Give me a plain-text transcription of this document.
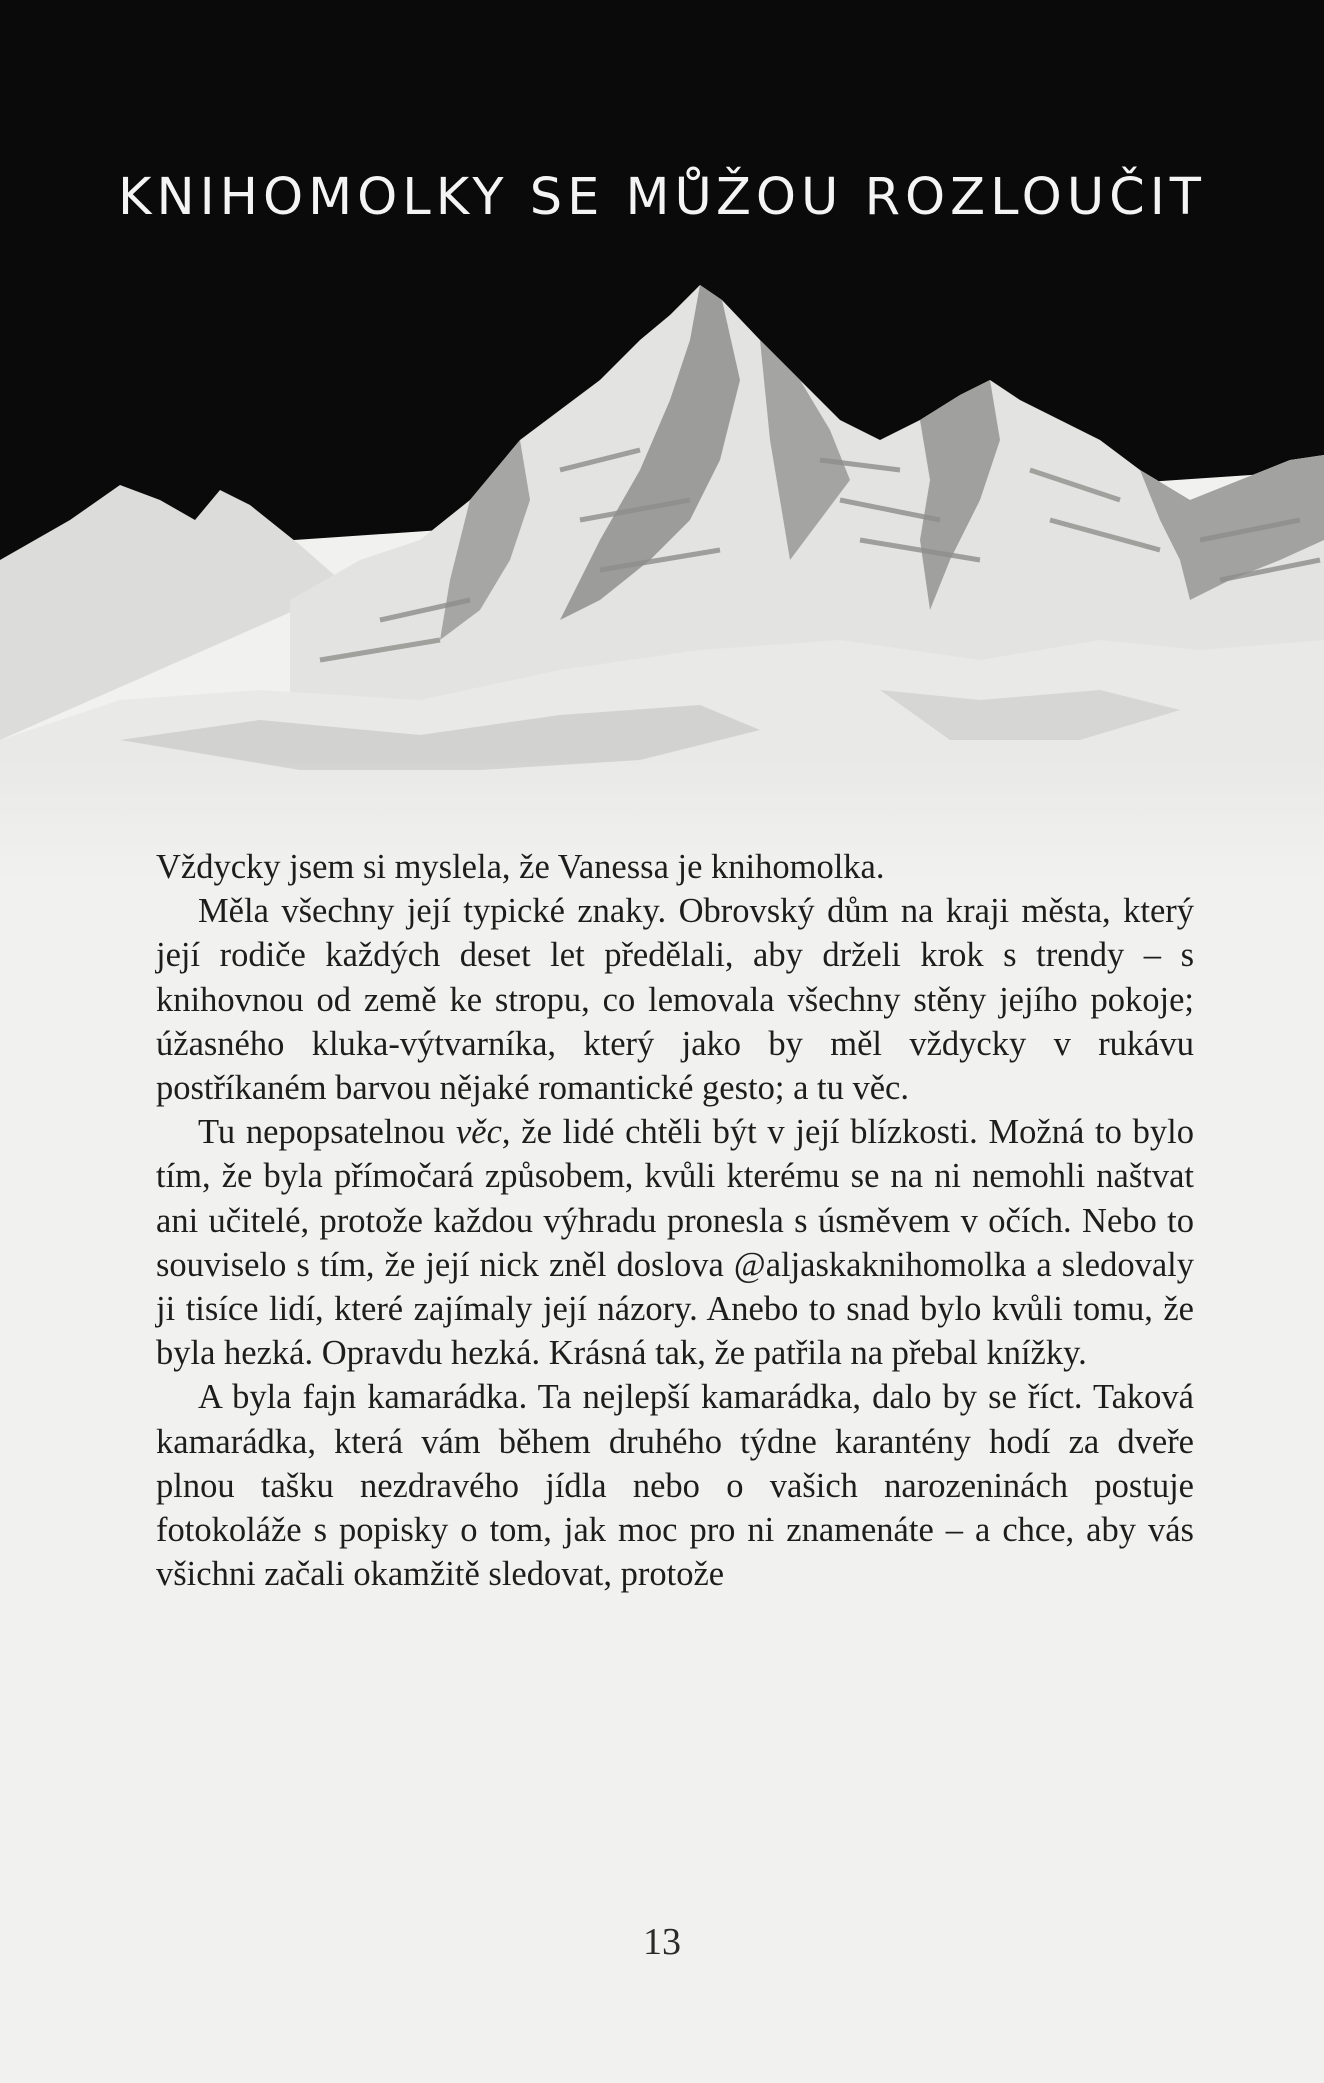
KNIHOMOLKY SE MŮŽOU ROZLOUČIT

Vždycky jsem si myslela, že Vanessa je knihomolka.

Měla všechny její typické znaky. Obrovský dům na kraji města, který její rodiče každých deset let předělali, aby drželi krok s trendy – s knihovnou od země ke stropu, co lemovala všechny stěny jejího pokoje; úžasného kluka-výtvarníka, který jako by měl vždycky v rukávu postříkaném barvou nějaké romantické gesto; a tu věc.

Tu nepopsatelnou věc, že lidé chtěli být v její blízkosti. Možná to bylo tím, že byla přímočará způsobem, kvůli kterému se na ni nemohli naštvat ani učitelé, protože každou výhradu pronesla s úsměvem v očích. Nebo to souviselo s tím, že její nick zněl doslova @aljaskaknihomolka a sledovaly ji tisíce lidí, které zajímaly její názory. Anebo to snad bylo kvůli tomu, že byla hezká. Opravdu hezká. Krásná tak, že patřila na přebal knížky.

A byla fajn kamarádka. Ta nejlepší kamarádka, dalo by se říct. Taková kamarádka, která vám během druhého týdne karantény hodí za dveře plnou tašku nezdravého jídla nebo o vašich narozeninách postuje fotokoláže s popisky o tom, jak moc pro ni znamenáte – a chce, aby vás všichni začali okamžitě sledovat, protože

13
